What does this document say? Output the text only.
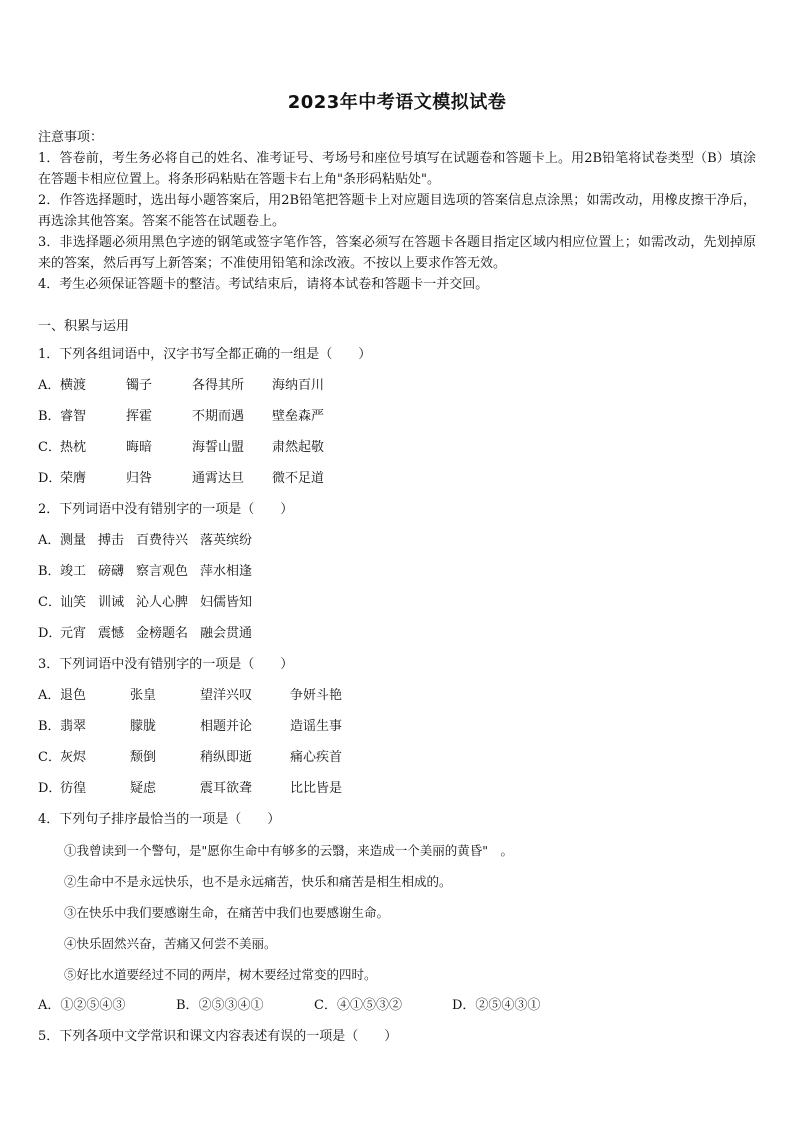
2023年中考语文模拟试卷

注意事项：

1．答卷前，考生务必将自己的姓名、准考证号、考场号和座位号填写在试题卷和答题卡上。用2B铅笔将试卷类型（B）填涂在答题卡相应位置上。将条形码粘贴在答题卡右上角"条形码粘贴处"。

2．作答选择题时，选出每小题答案后，用2B铅笔把答题卡上对应题目选项的答案信息点涂黑；如需改动，用橡皮擦干净后，再选涂其他答案。答案不能答在试题卷上。

3．非选择题必须用黑色字迹的钢笔或签字笔作答，答案必须写在答题卡各题目指定区域内相应位置上；如需改动，先划掉原来的答案，然后再写上新答案；不准使用铅笔和涂改液。不按以上要求作答无效。

4．考生必须保证答题卡的整洁。考试结束后，请将本试卷和答题卡一并交回。

一、积累与运用

1．下列各组词语中，汉字书写全都正确的一组是（　　）

A．横渡	镯子	各得其所 海纳百川

B．睿智	挥霍	不期而遇 壁垒森严

C．热枕	晦暗	海誓山盟 肃然起敬

D．荣膺	归咎	通霄达旦 微不足道

2．下列词语中没有错别字的一项是（　　）

A．测量 搏击 百费待兴 落英缤纷

B．竣工 磅礴 察言观色 萍水相逢

C．讪笑 训诫 沁人心脾 妇儒皆知

D．元宵 震憾 金榜题名 融会贯通

3．下列词语中没有错别字的一项是（　　）

A．退色	张皇	望洋兴叹	争妍斗艳

B．翡翠	朦胧	相题并论	造谣生事

C．灰烬	颓倒	稍纵即逝	痛心疾首

D．彷徨	疑虑	震耳欲聋	比比皆是

4．下列句子排序最恰当的一项是（　　）

①我曾读到一个警句，是"愿你生命中有够多的云翳，来造成一个美丽的黄昏"　。

②生命中不是永远快乐，也不是永远痛苦，快乐和痛苦是相生相成的。

③在快乐中我们要感谢生命，在痛苦中我们也要感谢生命。

④快乐固然兴奋，苦痛又何尝不美丽。

⑤好比水道要经过不同的两岸，树木要经过常变的四时。

A．①②⑤④③	B．②⑤③④①	C．④①⑤③②	D．②⑤④③①

5．下列各项中文学常识和课文内容表述有误的一项是（　　）
